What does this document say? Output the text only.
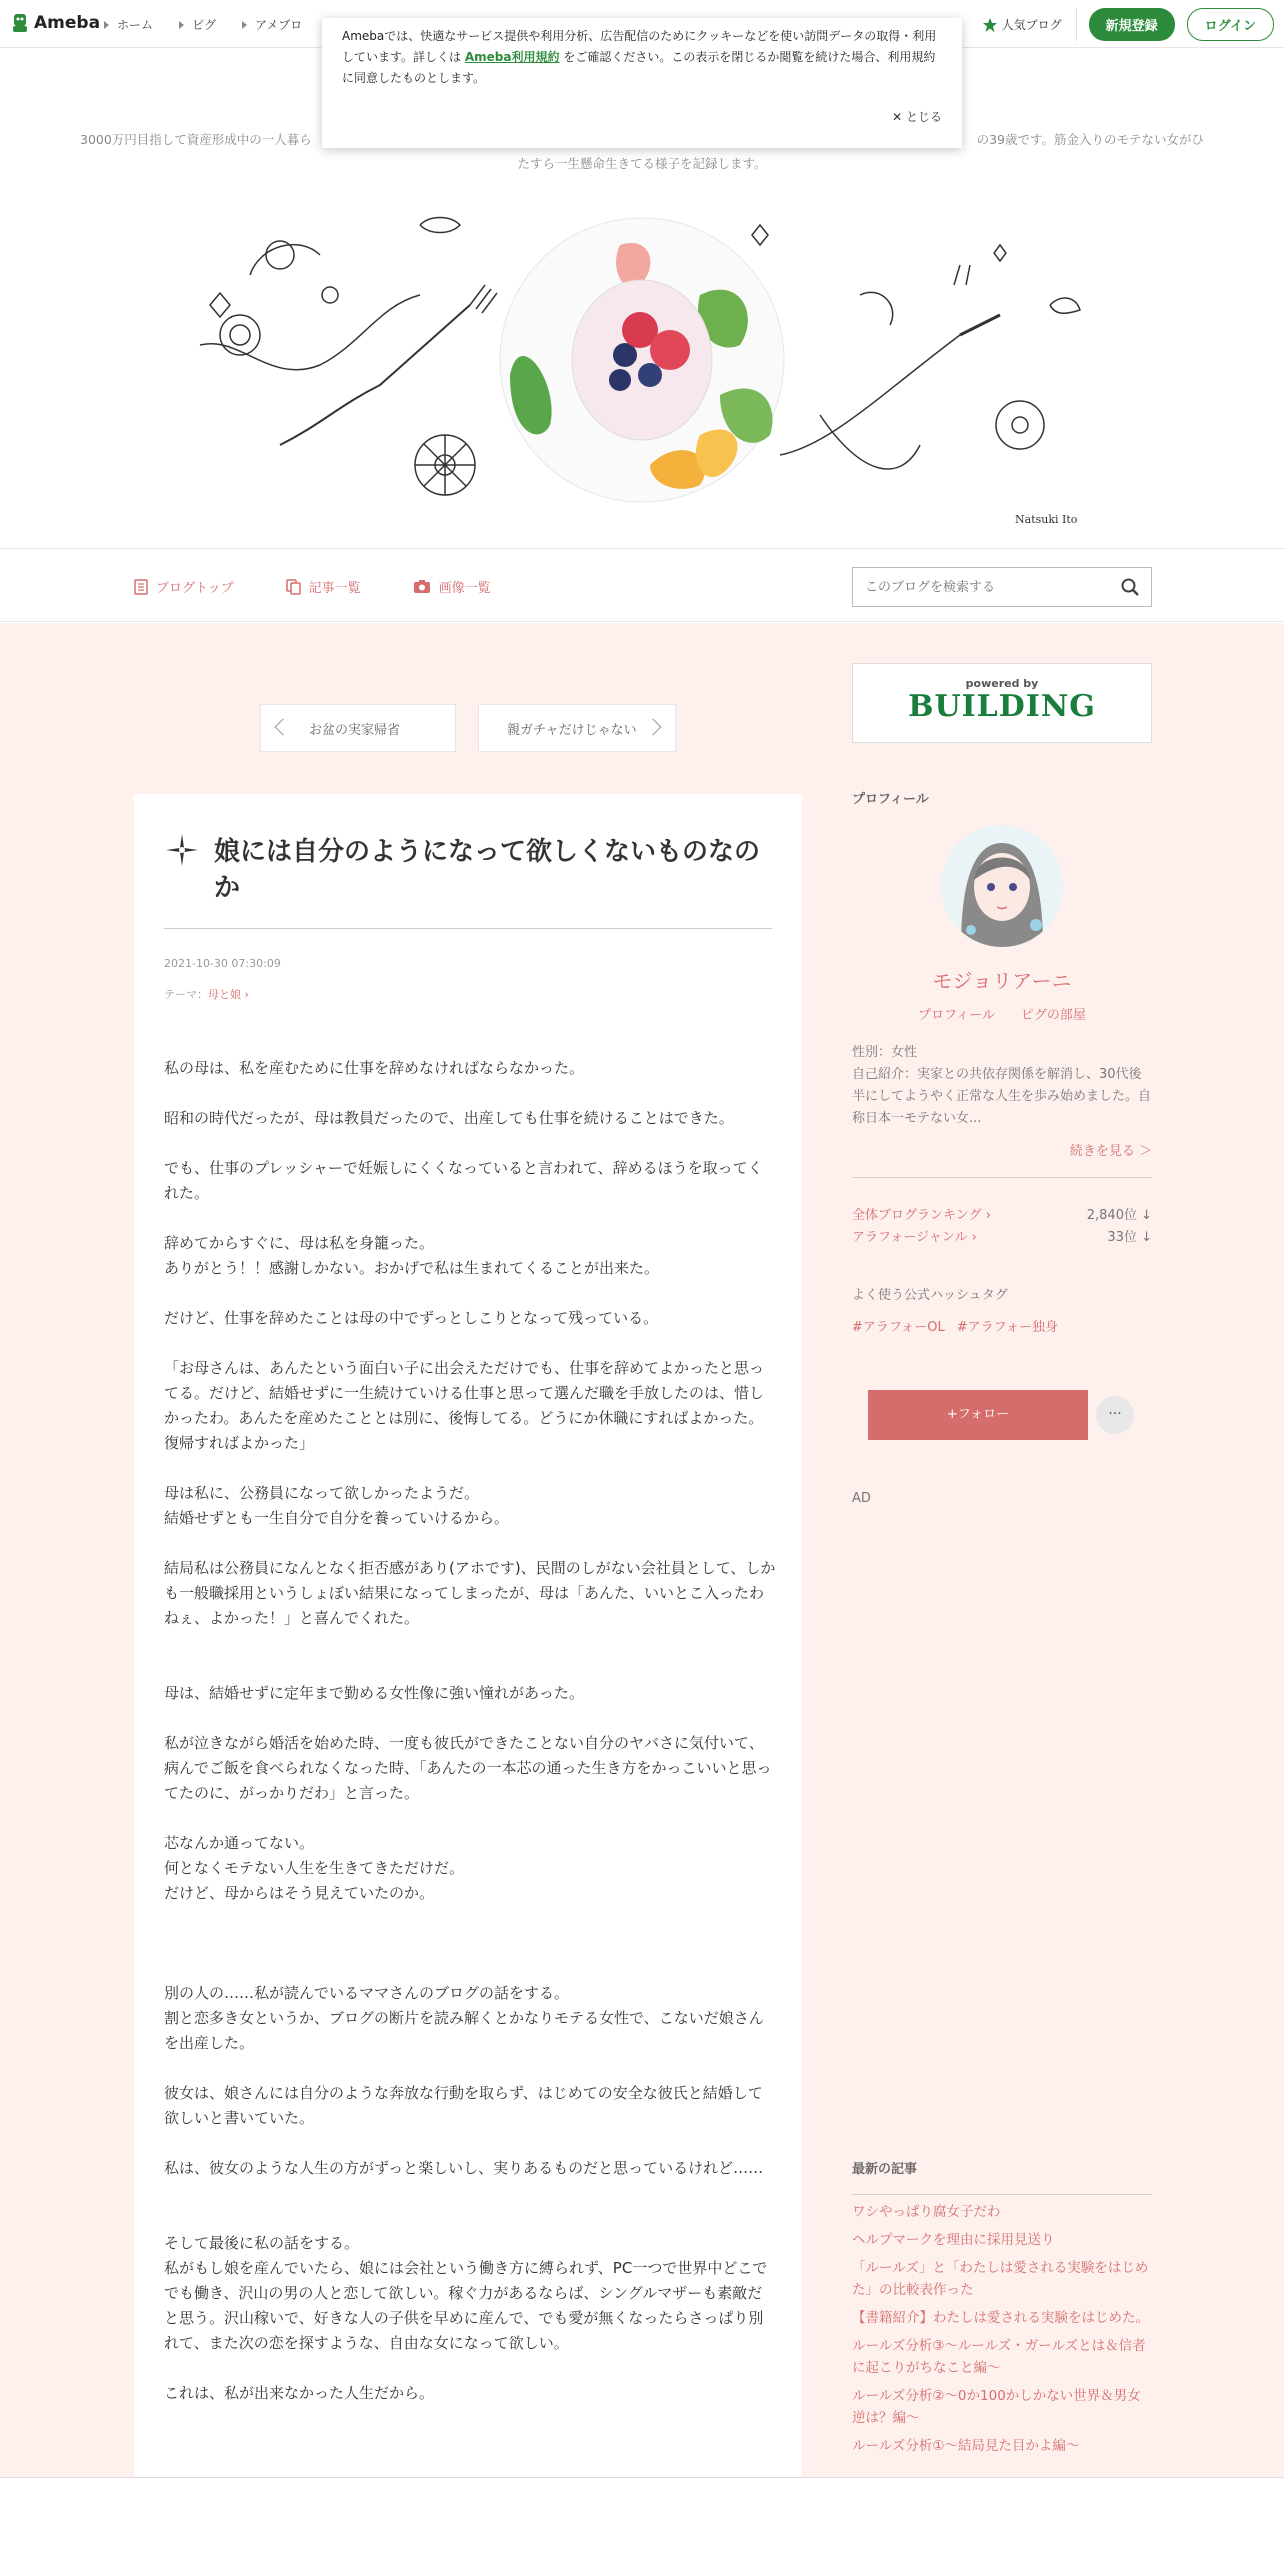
Ameba	ホーム	ピグ	アメブロ	人気ブログ	新規登録	ログイン
Amebaでは、快適なサービス提供や利用分析、広告配信のためにクッキーなどを使い訪問データの取得・利用しています。詳しくは Ameba利用規約 をご確認ください。この表示を閉じるか閲覧を続けた場合、利用規約に同意したものとします。
✕ とじる
3000万円目指して資産形成中の一人暮ら	の39歳です。筋金入りのモテない女がひ
たすら一生懸命生きてる様子を記録します。
Natsuki Ito
ブログトップ	記事一覧	画像一覧
このブログを検索する
お盆の実家帰省	親ガチャだけじゃない
娘には自分のようになって欲しくないものなのか
2021-10-30 07:30:09
テーマ：母と娘 ›

私の母は、私を産むために仕事を辞めなければならなかった。

昭和の時代だったが、母は教員だったので、出産しても仕事を続けることはできた。

でも、仕事のプレッシャーで妊娠しにくくなっていると言われて、辞めるほうを取ってくれた。

辞めてからすぐに、母は私を身籠った。

ありがとう！！感謝しかない。おかげで私は生まれてくることが出来た。

だけど、仕事を辞めたことは母の中でずっとしこりとなって残っている。

「お母さんは、あんたという面白い子に出会えただけでも、仕事を辞めてよかったと思ってる。だけど、結婚せずに一生続けていける仕事と思って選んだ職を手放したのは、惜しかったわ。あんたを産めたこととは別に、後悔してる。どうにか休職にすればよかった。復帰すればよかった」

母は私に、公務員になって欲しかったようだ。

結婚せずとも一生自分で自分を養っていけるから。

結局私は公務員になんとなく拒否感があり(アホです)、民間のしがない会社員として、しかも一般職採用というしょぼい結果になってしまったが、母は「あんた、いいとこ入ったわねぇ、よかった！」と喜んでくれた。

母は、結婚せずに定年まで勤める女性像に強い憧れがあった。

私が泣きながら婚活を始めた時、一度も彼氏ができたことない自分のヤバさに気付いて、病んでご飯を食べられなくなった時、「あんたの一本芯の通った生き方をかっこいいと思ってたのに、がっかりだわ」と言った。

芯なんか通ってない。

何となくモテない人生を生きてきただけだ。

だけど、母からはそう見えていたのか。

別の人の……私が読んでいるママさんのブログの話をする。

割と恋多き女というか、ブログの断片を読み解くとかなりモテる女性で、こないだ娘さんを出産した。

彼女は、娘さんには自分のような奔放な行動を取らず、はじめての安全な彼氏と結婚して欲しいと書いていた。

私は、彼女のような人生の方がずっと楽しいし、実りあるものだと思っているけれど……

そして最後に私の話をする。

私がもし娘を産んでいたら、娘には会社という働き方に縛られず、PC一つで世界中どこででも働き、沢山の男の人と恋して欲しい。稼ぐ力があるならば、シングルマザーも素敵だと思う。沢山稼いで、好きな人の子供を早めに産んで、でも愛が無くなったらさっぱり別れて、また次の恋を探すような、自由な女になって欲しい。

これは、私が出来なかった人生だから。

powered by
BUILDING
プロフィール
モジョリアーニ
プロフィール ピグの部屋
性別：女性
自己紹介：実家との共依存関係を解消し、30代後半にしてようやく正常な人生を歩み始めました。自称日本一モテない女...
続きを見る ＞
全体ブログランキング ›	2,840位 ↓
アラフォージャンル ›	33位 ↓
よく使う公式ハッシュタグ
#アラフォーOL #アラフォー独身
+フォロー	···
AD
最新の記事
ワシやっぱり腐女子だわ
ヘルプマークを理由に採用見送り
「ルールズ」と「わたしは愛される実験をはじめた」の比較表作った
【書籍紹介】わたしは愛される実験をはじめた。
ルールズ分析③～ルールズ・ガールズとは＆信者に起こりがちなこと編～
ルールズ分析②～0か100かしかない世界＆男女逆は？編～
ルールズ分析①～結局見た目かよ編～
